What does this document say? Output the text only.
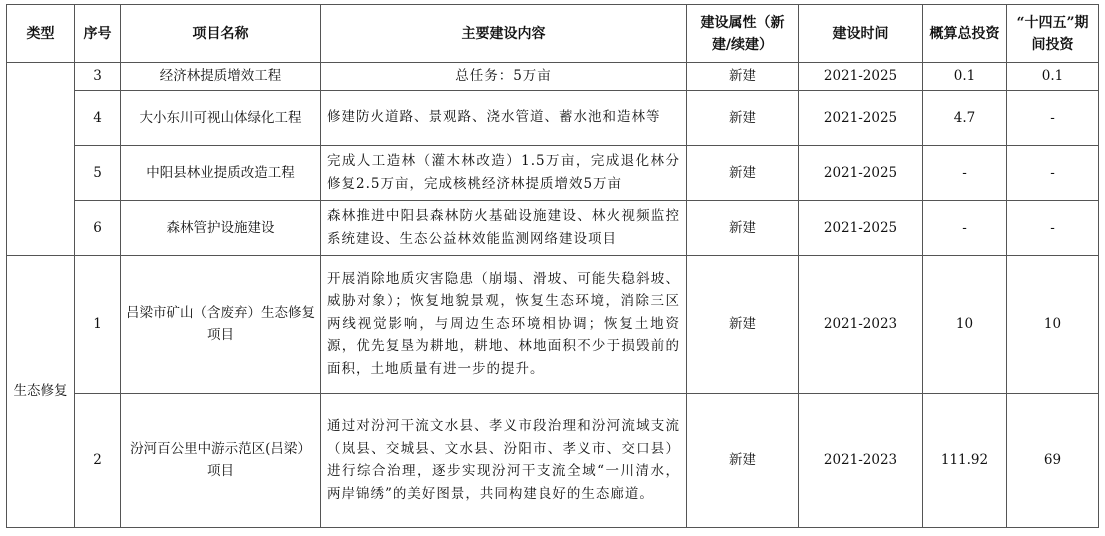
类型	序号	项目名称	主要建设内容	建设属性（新建/续建）	建设时间	概算总投资	“十四五”期间投资

	3	经济林提质增效工程	总任务：5万亩	新建	2021-2025	0.1	0.1
	4	大小东川可视山体绿化工程	修建防火道路、景观路、浇水管道、蓄水池和造林等	新建	2021-2025	4.7	-
	5	中阳县林业提质改造工程	完成人工造林（灌木林改造）1.5万亩，完成退化林分修复2.5万亩，完成核桃经济林提质增效5万亩	新建	2021-2025	-	-
	6	森林管护设施建设	森林推进中阳县森林防火基础设施建设、林火视频监控系统建设、生态公益林效能监测网络建设项目	新建	2021-2025	-	-

生态修复	1	吕梁市矿山（含废弃）生态修复项目	开展消除地质灾害隐患（崩塌、滑坡、可能失稳斜坡、威胁对象）；恢复地貌景观，恢复生态环境，消除三区两线视觉影响，与周边生态环境相协调；恢复土地资源，优先复垦为耕地，耕地、林地面积不少于损毁前的面积，土地质量有进一步的提升。	新建	2021-2023	10	10
	2	汾河百公里中游示范区(吕梁）项目	通过对汾河干流文水县、孝义市段治理和汾河流域支流（岚县、交城县、文水县、汾阳市、孝义市、交口县）进行综合治理，逐步实现汾河干支流全域“一川清水，两岸锦绣”的美好图景，共同构建良好的生态廊道。	新建	2021-2023	111.92	69
